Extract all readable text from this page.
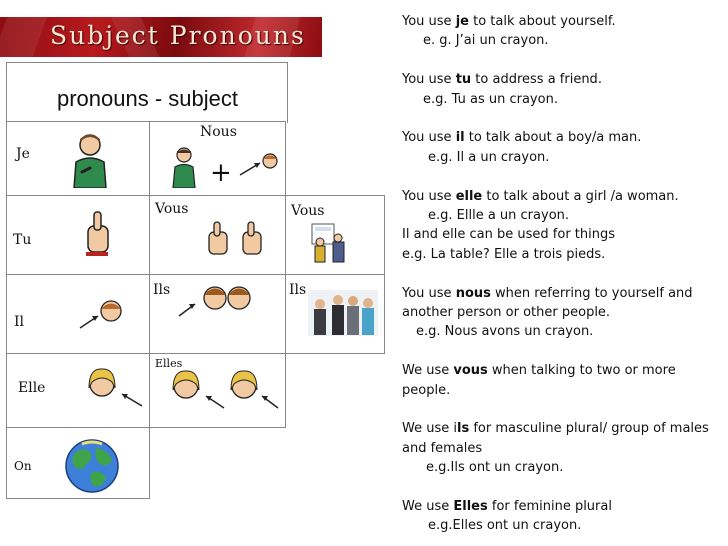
Subject Pronouns
pronouns - subject
Je
Nous
Tu
Vous	Vous
Il
Ils	Ils
Elle
Elles
On
+

You use je to talk about yourself.

e. g. J’ai un crayon.

You use tu to address a friend.

e.g. Tu as un crayon.

You use il to talk about a boy/a man.

e.g. Il a un crayon.

You use elle to talk about a girl /a woman.

e.g. Ellle a un crayon.

Il and elle can be used for things

e.g. La table? Elle a trois pieds.

You use nous when referring to yourself and

another person or other people.

e.g. Nous avons un crayon.

We use vous when talking to two or more

people.

We use ils for masculine plural/ group of males

and females

e.g.Ils ont un crayon.

We use Elles for feminine plural

e.g.Elles ont un crayon.
